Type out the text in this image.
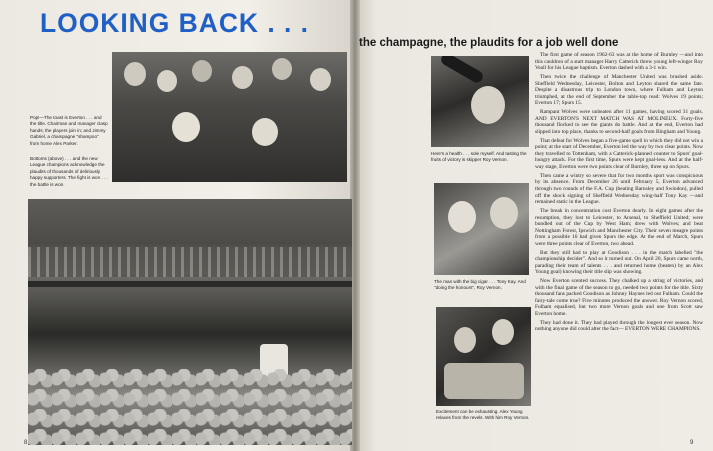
LOOKING BACK . . .
the champagne, the plaudits for a job well done
Pop!—The toast is Everton . . . and the title. Chairman and manager clasp hands; the players join in; and Jimmy Gabriel, a champagne "shampoo" from home Alex Parker.
Bottoms (above) . . . and the new League champions acknowledge the plaudits of thousands of deliriously happy supporters. The fight is won . . . the battle is won.
Here's a health . . . sole myself. And tasting the fruits of victory is skipper Roy Vernon.
The man with the big cigar . . . Tony Kay. And "doing the honours", Roy Vernon.
Excitement can be exhausting. Alex Young relaxes from the revels. With him Roy Vernon.

The first game of season 1962-63 was at the home of Burnley —and into this cauldron of a start manager Harry Catterick threw young left-winger Roy Veall for his League baptism. Everton dashed with a 3-1 win.

Then twice the challenge of Manchester United was brushed aside. Sheffield Wednesday, Leicester, Bolton and Leyton shared the same fate. Despite a disastrous trip to London town, where Fulham and Leyton triumphed, at the end of September the table-top read: Wolves 19 points; Everton 17; Spurs 15.

Rampant Wolves were unbeaten after 11 games, having scored 31 goals. AND EVERTON'S NEXT MATCH WAS AT MOLINEUX. Forty-five thousand flocked to see the giants do battle. And at the end, Everton had slipped into top place, thanks to second-half goals from Bingham and Young.

That defeat for Wolves began a five-game spell in which they did not win a point; at the start of December, Everton led the way by two clear points. Now they travelled to Tottenham, with a Catterick-planned counter to Spurs' goal-hungry attack. For the first time, Spurs were kept goal-less. And at the half-way stage, Everton were two points clear of Burnley, three up on Spurs.

Then came a wintry so severe that for two months sport was conspicuous by its absence. From December 26 until February 5, Everton advanced through two rounds of the F.A. Cup (beating Barnsley and Swindon), pulled off the shock signing of Sheffield Wednesday wing-half Tony Kay —and remained static in the League.

The break in concentration cost Everton dearly. In eight games after the resumption, they lost to Leicester, to Arsenal, to Sheffield United; were bundled out of the Cup by West Ham; drew with Wolves; and beat Nottingham Forest, Ipswich and Manchester City. Their seven meagre points from a possible 16 had given Spurs the edge. At the end of March, Spurs were three points clear of Everton, two ahead.

But they still had to play at Goodison . . . in the match labelled "the championship decider". And so it turned out. On April 20, Spurs came north, parading their team of talents . . . and returned home (beaten) by an Alex Young goal) knowing their title slip was showing.

Now Everton scented success. They chalked up a string of victories, and with the final game of the season to go, needed two points for the title. Sixty thousand fans packed Goodison as Johnny Haynes led out Fulham. Could the fairy-tale come true? Five minutes produced the answer. Roy Vernon scored, Fulham equalised, but two more Vernon goals and one from Scott saw Everton home.

They had done it. They had played through the longest ever season. Now nothing anyone did could alter the fact— EVERTON WERE CHAMPIONS.

8	9
